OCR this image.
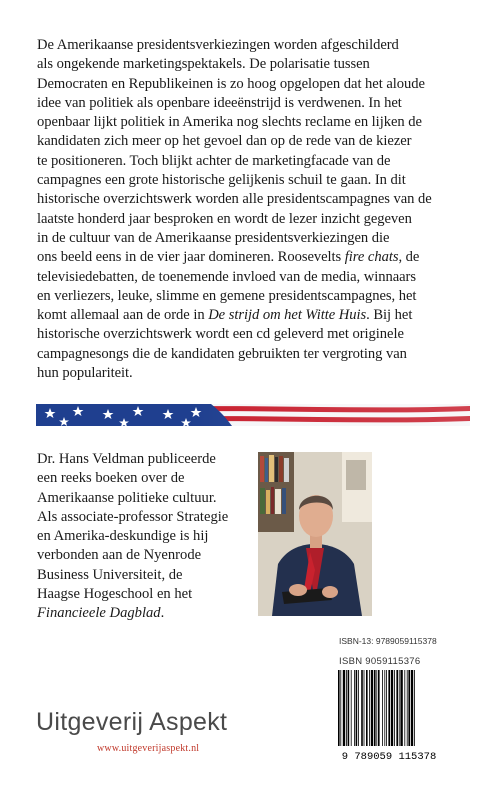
De Amerikaanse presidentsverkiezingen worden afgeschilderd
als ongekende marketingspektakels. De polarisatie tussen
Democraten en Republikeinen is zo hoog opgelopen dat het aloude
idee van politiek als openbare ideeënstrijd is verdwenen. In het
openbaar lijkt politiek in Amerika nog slechts reclame en lijken de
kandidaten zich meer op het gevoel dan op de rede van de kiezer
te positioneren. Toch blijkt achter de marketingfacade van de
campagnes een grote historische gelijkenis schuil te gaan. In dit
historische overzichtswerk worden alle presidentscampagnes van de
laatste honderd jaar besproken en wordt de lezer inzicht gegeven
in de cultuur van de Amerikaanse presidentsverkiezingen die
ons beeld eens in de vier jaar domineren. Roosevelts fire chats, de
televisiedebatten, de toenemende invloed van de media, winnaars
en verliezers, leuke, slimme en gemene presidentscampagnes, het
komt allemaal aan de orde in De strijd om het Witte Huis. Bij het
historische overzichtswerk wordt een cd geleverd met originele
campagnesongs die de kandidaten gebruikten ter vergroting van
hun populariteit.
Dr. Hans Veldman publiceerde
een reeks boeken over de
Amerikaanse politieke cultuur.
Als associate-professor Strategie
en Amerika-deskundige is hij
verbonden aan de Nyenrode
Business Universiteit, de
Haagse Hogeschool en het
Financieele Dagblad.
ISBN-13: 9789059115378
ISBN 9059115376
9 789059 115378
Uitgeverij Aspekt
www.uitgeverijaspekt.nl
